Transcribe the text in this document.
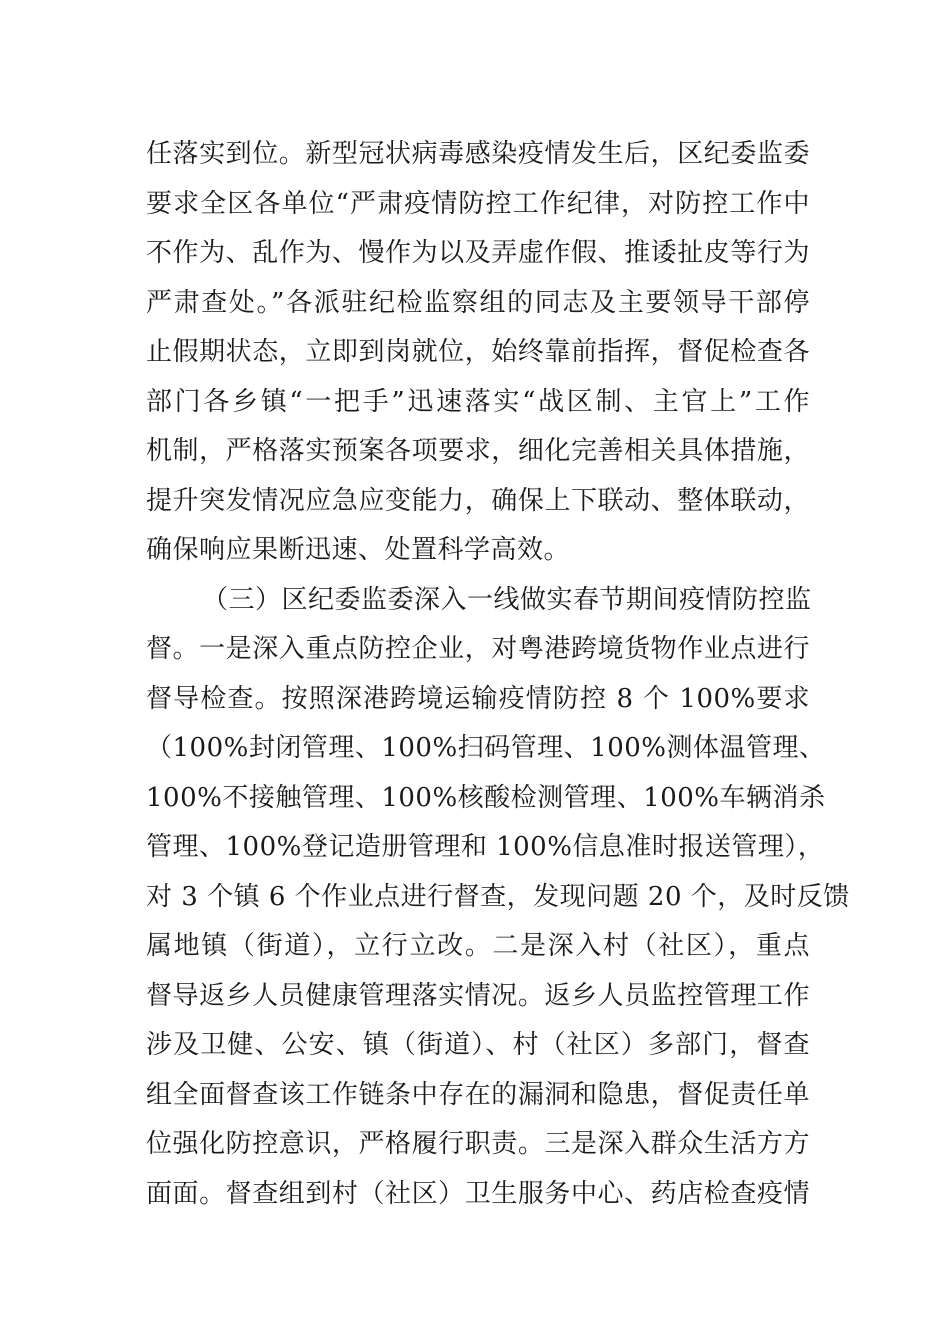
任落实到位。新型冠状病毒感染疫情发生后，区纪委监委
要求全区各单位“严肃疫情防控工作纪律，对防控工作中
不作为、乱作为、慢作为以及弄虚作假、推诿扯皮等行为
严肃查处。”各派驻纪检监察组的同志及主要领导干部停
止假期状态，立即到岗就位，始终靠前指挥，督促检查各
部门各乡镇“一把手”迅速落实“战区制、主官上”工作
机制，严格落实预案各项要求，细化完善相关具体措施，
提升突发情况应急应变能力，确保上下联动、整体联动，
确保响应果断迅速、处置科学高效。
（三）区纪委监委深入一线做实春节期间疫情防控监
督。一是深入重点防控企业，对粤港跨境货物作业点进行
督导检查。按照深港跨境运输疫情防控 8 个 100%要求
（100%封闭管理、100%扫码管理、100%测体温管理、
100%不接触管理、100%核酸检测管理、100%车辆消杀
管理、100%登记造册管理和 100%信息准时报送管理），
对 3 个镇 6 个作业点进行督查，发现问题 20 个，及时反馈
属地镇（街道），立行立改。二是深入村（社区），重点
督导返乡人员健康管理落实情况。返乡人员监控管理工作
涉及卫健、公安、镇（街道）、村（社区）多部门，督查
组全面督查该工作链条中存在的漏洞和隐患，督促责任单
位强化防控意识，严格履行职责。三是深入群众生活方方
面面。督查组到村（社区）卫生服务中心、药店检查疫情
